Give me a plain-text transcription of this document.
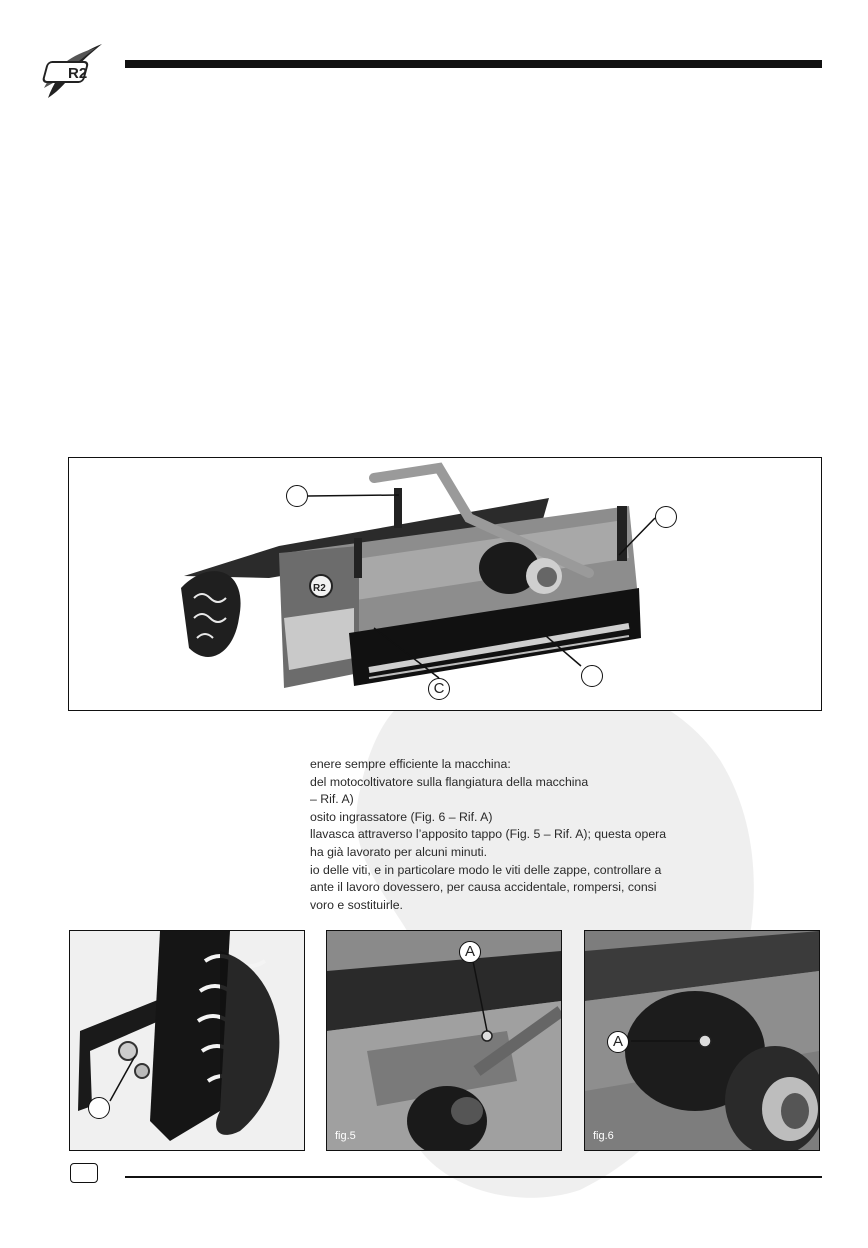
R2
R2
C
enere sempre efficiente la macchina:
del motocoltivatore sulla flangiatura della macchina
– Rif. A)
osito ingrassatore (Fig. 6 – Rif. A)
llavasca attraverso l’apposito tappo (Fig. 5 – Rif. A); questa opera
ha già lavorato per alcuni minuti.
io delle viti, e in particolare modo le viti delle zappe, controllare a
ante il lavoro dovessero, per causa accidentale, rompersi, consi
voro e sostituirle.
A
fig.5
A
fig.6
